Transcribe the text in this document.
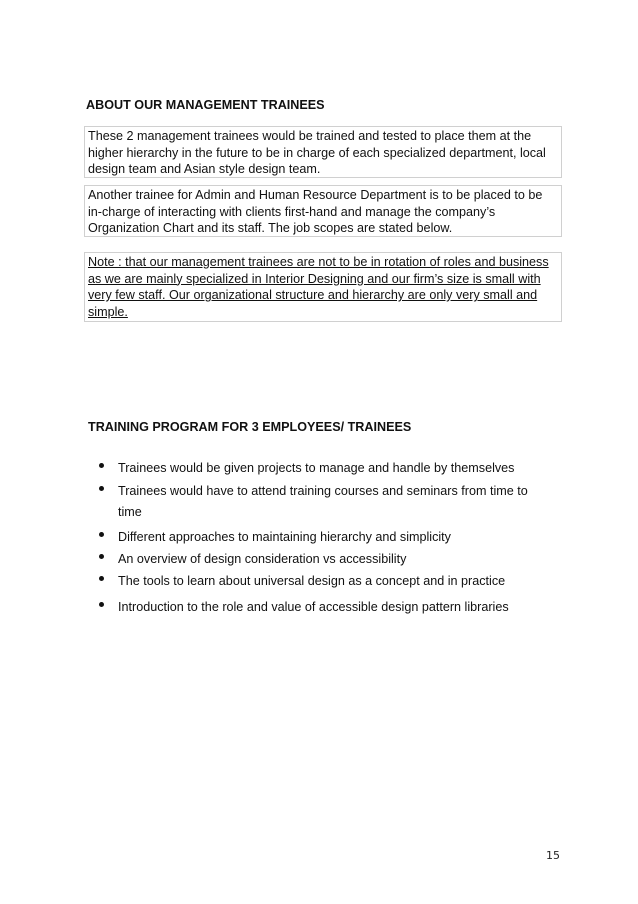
ABOUT OUR MANAGEMENT TRAINEES
These 2 management trainees would be trained and tested to place them at the
higher hierarchy in the future to be in charge of each specialized department, local
design team and Asian style design team.
Another trainee for Admin and Human Resource Department is to be placed to be
in-charge of interacting with clients first-hand and manage the company’s
Organization Chart and its staff. The job scopes are stated below.
Note : that our management trainees are not to be in rotation of roles and business
as we are mainly specialized in Interior Designing and our firm’s size is small with
very few staff. Our organizational structure and hierarchy are only very small and
simple.
TRAINING PROGRAM FOR 3 EMPLOYEES/ TRAINEES
Trainees would be given projects to manage and handle by themselves
Trainees would have to attend training courses and seminars from time to
time
Different approaches to maintaining hierarchy and simplicity
An overview of design consideration vs accessibility
The tools to learn about universal design as a concept and in practice
Introduction to the role and value of accessible design pattern libraries
15
